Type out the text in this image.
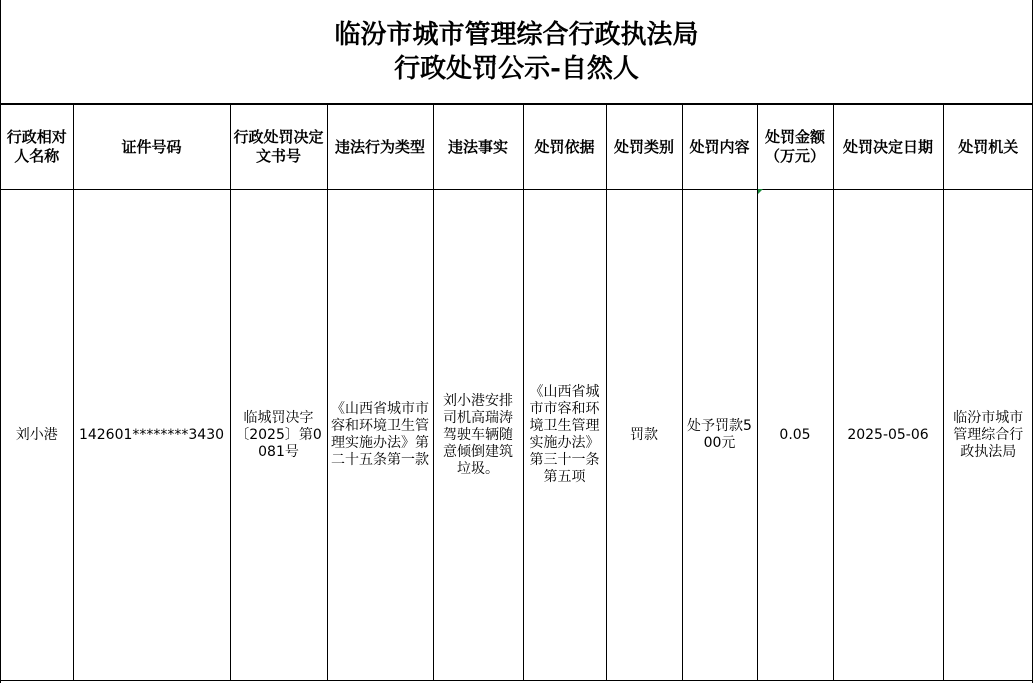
临汾市城市管理综合行政执法局
行政处罚公示-自然人
行政相对人名称	证件号码	行政处罚决定文书号	违法行为类型	违法事实	处罚依据	处罚类别	处罚内容	处罚金额（万元）	处罚决定日期	处罚机关
刘小港	142601********3430	临城罚决字〔2025〕第0081号	《山西省城市市容和环境卫生管理实施办法》第二十五条第一款	刘小港安排司机高瑞涛驾驶车辆随意倾倒建筑垃圾。	《山西省城市市容和环境卫生管理实施办法》第三十一条第五项	罚款	处予罚款500元	0.05	2025-05-06	临汾市城市管理综合行政执法局
